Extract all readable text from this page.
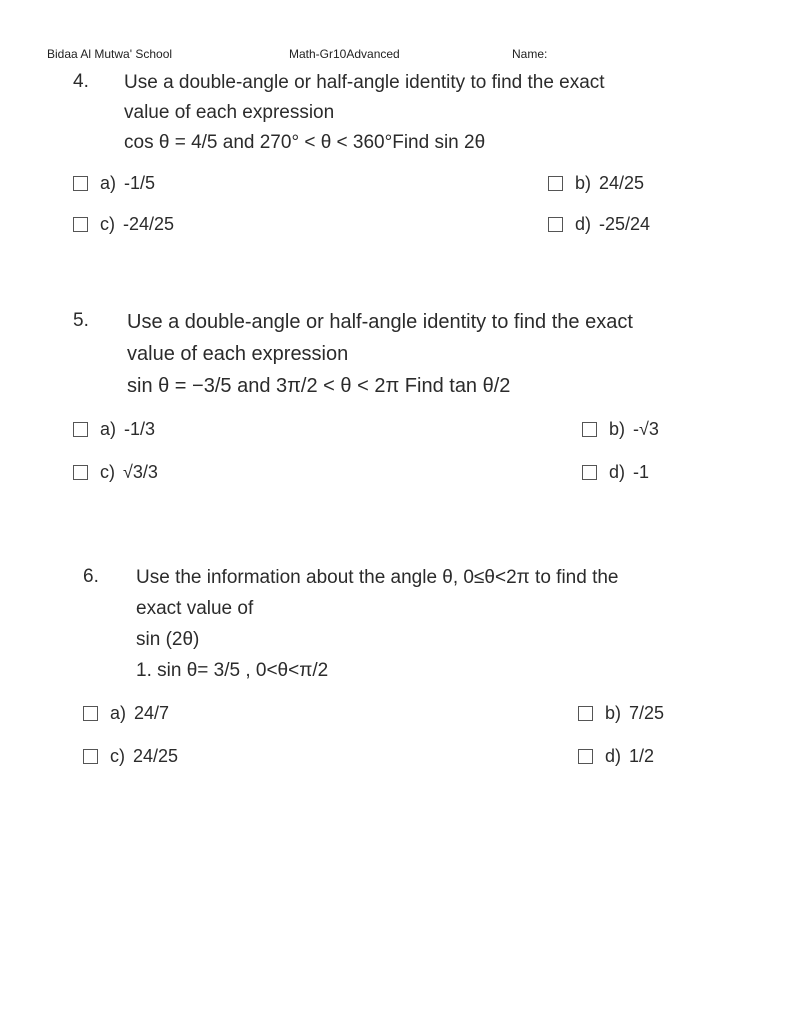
Bidaa Al Mutwa' School	Math-Gr10Advanced	Name:
4. Use a double-angle or half-angle identity to find the exact
value of each expression
cos θ = 4/5 and 270° < θ < 360°Find sin 2θ
a) -1/5	b) 24/25
c) -24/25	d) -25/24
5. Use a double-angle or half-angle identity to find the exact
value of each expression
sin θ = −3/5 and 3π/2 < θ < 2π Find tan θ/2
a) -1/3	b) -√3
c) √3/3	d) -1
6. Use the information about the angle θ, 0≤θ<2π to find the
exact value of
sin (2θ)
1. sin θ= 3/5 , 0<θ<π/2
a) 24/7	b) 7/25
c) 24/25	d) 1/2
